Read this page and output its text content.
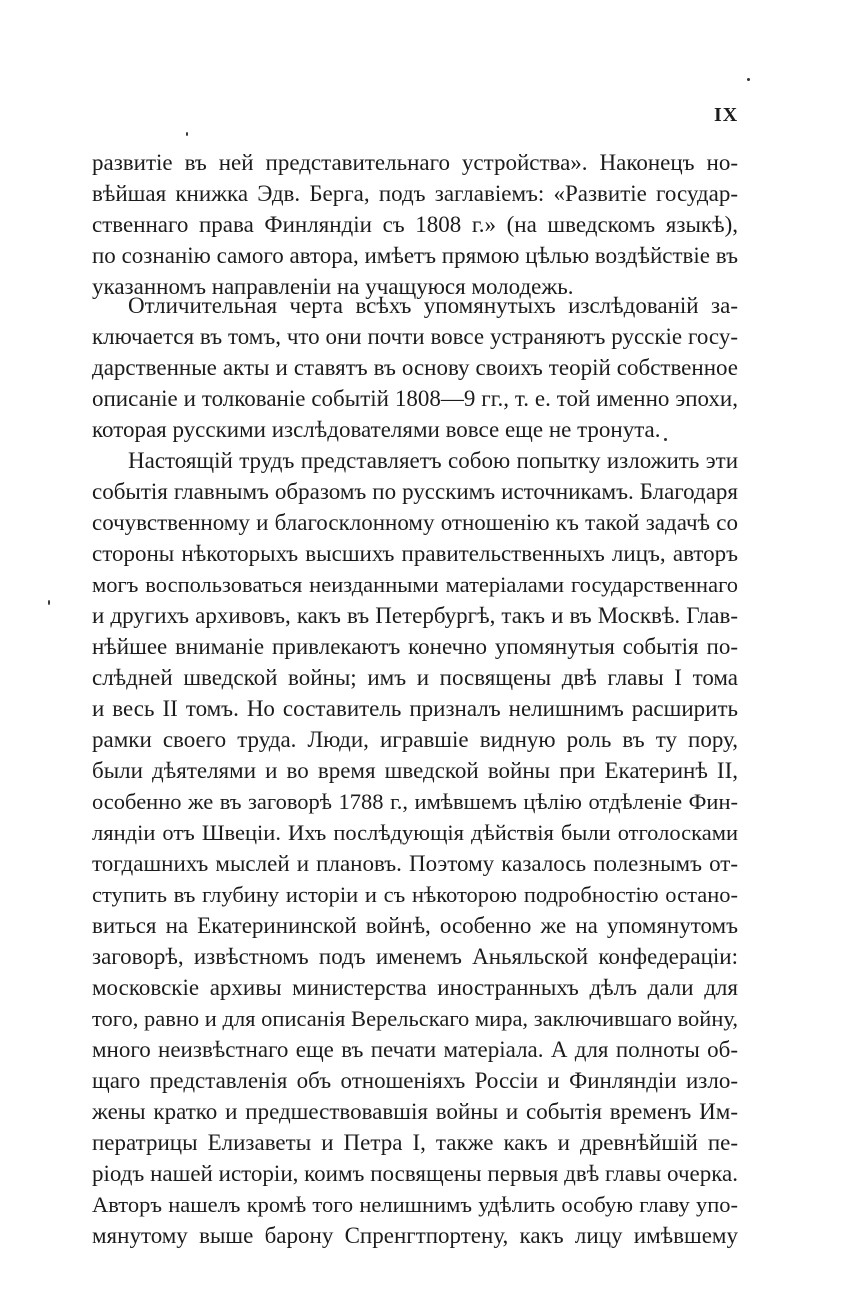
IX
развитіе въ ней представительнаго устройства». Наконецъ но-
вѣйшая книжка Эдв. Берга, подъ заглавіемъ: «Развитіе государ-
ственнаго права Финляндіи съ 1808 г.» (на шведскомъ языкѣ),
по сознанію самого автора, имѣетъ прямою цѣлью воздѣйствіе въ
указанномъ направленіи на учащуюся молодежь.
Отличительная черта всѣхъ упомянутыхъ изслѣдованій за-
ключается въ томъ, что они почти вовсе устраняютъ русскіе госу-
дарственные акты и ставятъ въ основу своихъ теорій собственное
описаніе и толкованіе событій 1808—9 гг., т. е. той именно эпохи,
которая русскими изслѣдователями вовсе еще не тронута.
Настоящій трудъ представляетъ собою попытку изложить эти
событія главнымъ образомъ по русскимъ источникамъ. Благодаря
сочувственному и благосклонному отношенію къ такой задачѣ со
стороны нѣкоторыхъ высшихъ правительственныхъ лицъ, авторъ
могъ воспользоваться неизданными матеріалами государственнаго
и другихъ архивовъ, какъ въ Петербургѣ, такъ и въ Москвѣ. Глав-
нѣйшее вниманіе привлекаютъ конечно упомянутыя событія по-
слѣдней шведской войны; имъ и посвящены двѣ главы I тома
и весь II томъ. Но составитель призналъ нелишнимъ расширить
рамки своего труда. Люди, игравшіе видную роль въ ту пору,
были дѣятелями и во время шведской войны при Екатеринѣ II,
особенно же въ заговорѣ 1788 г., имѣвшемъ цѣлію отдѣленіе Фин-
ляндіи отъ Швеціи. Ихъ послѣдующія дѣйствія были отголосками
тогдашнихъ мыслей и плановъ. Поэтому казалось полезнымъ от-
ступить въ глубину исторіи и съ нѣкоторою подробностію остано-
виться на Екатерининской войнѣ, особенно же на упомянутомъ
заговорѣ, извѣстномъ подъ именемъ Аньяльской конфедераціи:
московскіе архивы министерства иностранныхъ дѣлъ дали для
того, равно и для описанія Верельскаго мира, заключившаго войну,
много неизвѣстнаго еще въ печати матеріала. А для полноты об-
щаго представленія объ отношеніяхъ Россіи и Финляндіи изло-
жены кратко и предшествовавшія войны и событія временъ Им-
ператрицы Елизаветы и Петра I, также какъ и древнѣйшій пе-
ріодъ нашей исторіи, коимъ посвящены первыя двѣ главы очерка.
Авторъ нашелъ кромѣ того нелишнимъ удѣлить особую главу упо-
мянутому выше барону Спренгтпортену, какъ лицу имѣвшему
